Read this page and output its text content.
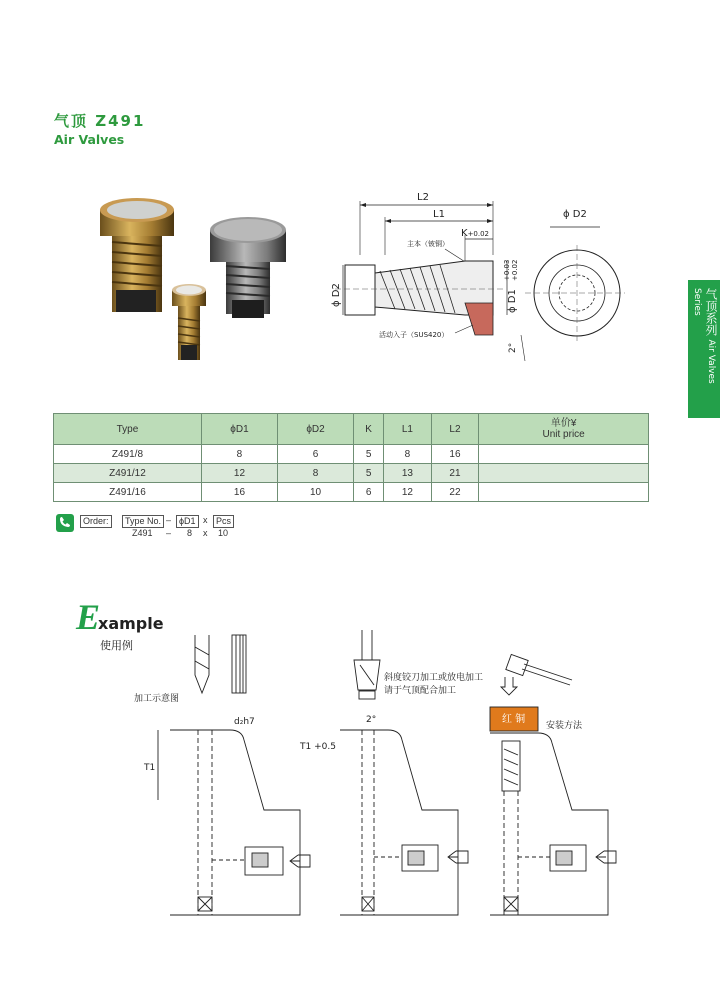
气顶 Z491
Air Valves
气顶系列 Air Valves Series
L2
L1
K+0.02
主本（铍铜）
ϕ D2	ϕ D1
+0.03 +0.02
活动入子（SUS420）
2°
ϕ D2
Type	ϕD1	ϕD2	K	L1	L2	单价¥
Unit price

Z491/8	8	6	5	8	16	
Z491/12	12	8	5	13	21	
Z491/16	16	10	6	12	22	
Order:	Type No. – ϕD1 x Pcs
Z491 – 8 x 10
E
xample
使用例
加工示意图
d₂h7
T1
T1 +0.5
2°
斜度铰刀加工或放电加工
请于气顶配合加工
红 铜
安装方法
